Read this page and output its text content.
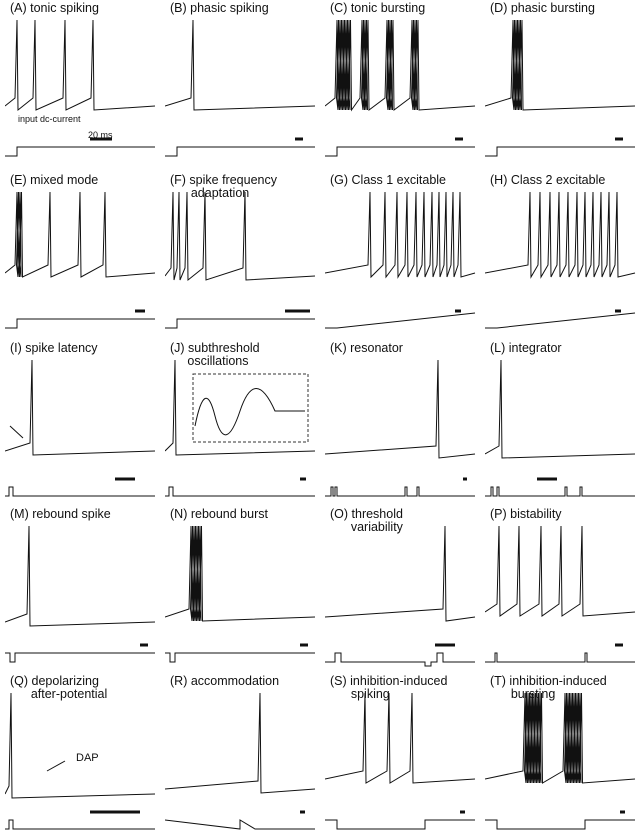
(A) tonic spiking	(B) phasic spiking	(C) tonic bursting	(D) phasic bursting
(E) mixed mode	(F) spike frequency
adaptation
(G) Class 1 excitable	(H) Class 2 excitable
(I) spike latency	(J) subthreshold
oscillations
(K) resonator	(L) integrator
(M) rebound spike	(N) rebound burst	(O) threshold
variability
(P) bistability
(Q) depolarizing
after-potential
(R) accommodation	(S) inhibition-induced
spiking
(T) inhibition-induced
bursting
input dc-current
20 ms
DAP
